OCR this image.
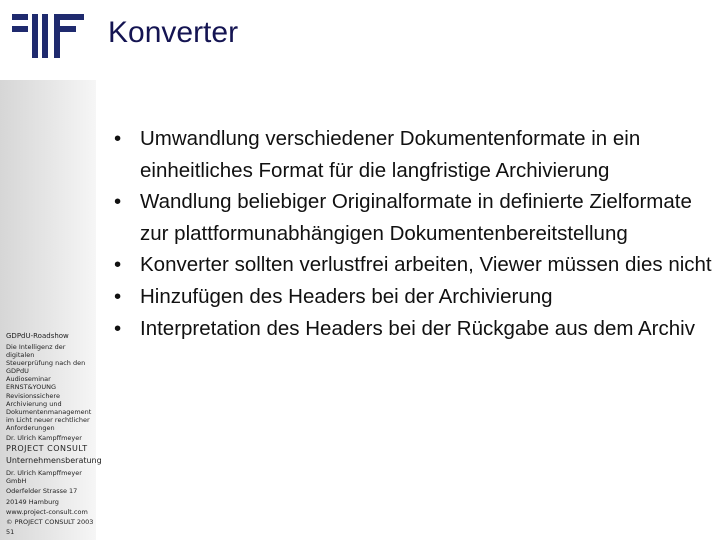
Konverter
GDPdU-Roadshow
Die Intelligenz der digitalen
Steuerprüfung nach den
GDPdU
Audioseminar
ERNST&YOUNG
Revisionssichere
Archivierung und
Dokumentenmanagement
im Licht neuer rechtlicher
Anforderungen
Dr. Ulrich Kampffmeyer
PROJECT CONSULT
Unternehmensberatung
Dr. Ulrich Kampffmeyer GmbH
Oderfelder Strasse 17
20149 Hamburg
www.project-consult.com
© PROJECT CONSULT 2003
51
• Umwandlung verschiedener Dokumentenformate in ein einheitliches Format für die langfristige Archivierung
• Wandlung beliebiger Originalformate in definierte Zielformate zur plattformunabhängigen Dokumentenbereitstellung
• Konverter sollten verlustfrei arbeiten, Viewer müssen dies nicht
• Hinzufügen des Headers bei der Archivierung
• Interpretation des Headers bei der Rückgabe aus dem Archiv
